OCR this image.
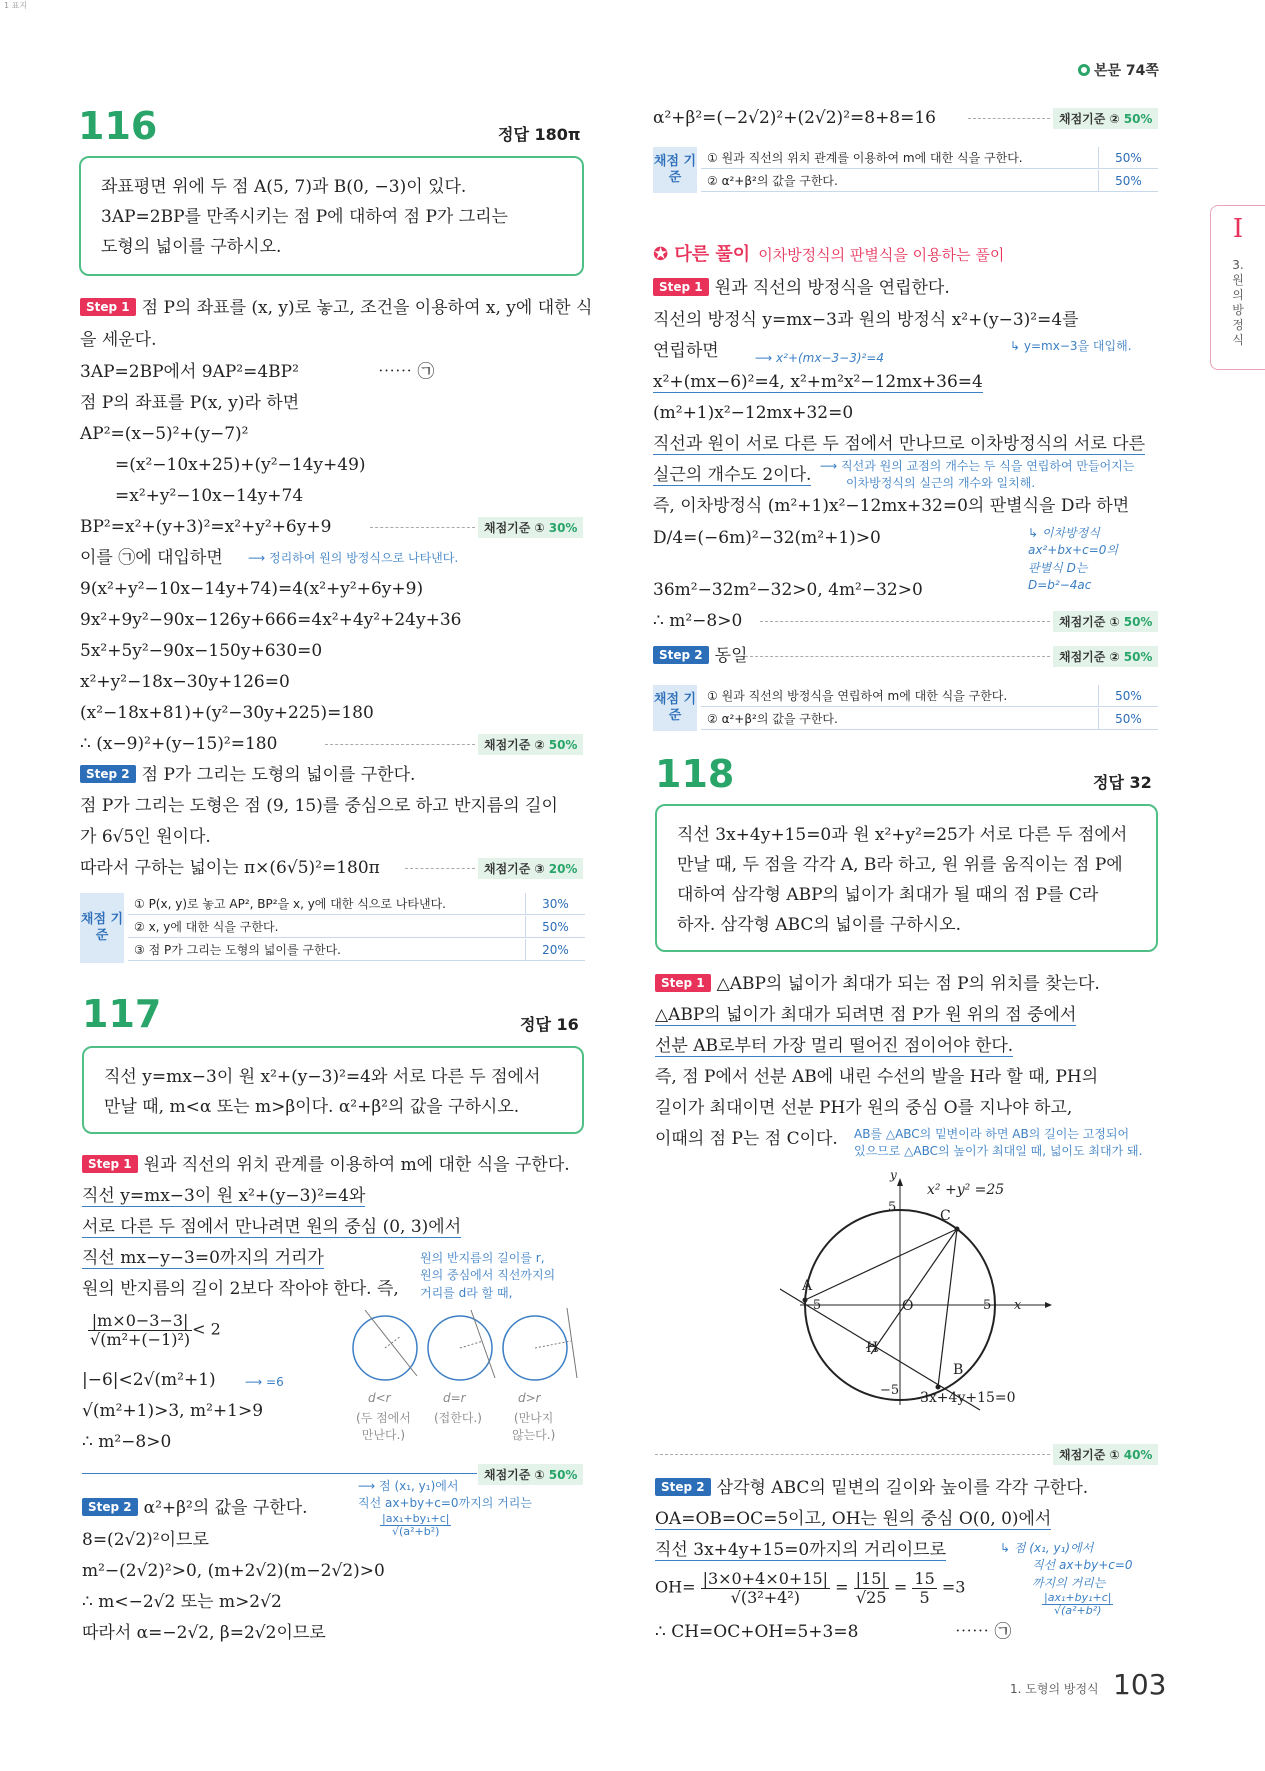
1 표지
본문 74쪽
I
3.
원
의
방
정
식
116	정답 180π
좌표평면 위에 두 점 A(5, 7)과 B(0, −3)이 있다.
3AP=2BP를 만족시키는 점 P에 대하여 점 P가 그리는
도형의 넓이를 구하시오.
Step 1 점 P의 좌표를 (x, y)로 놓고, 조건을 이용하여 x, y에 대한 식
을 세운다.
3AP=2BP에서 9AP²=4BP²	⋯⋯ ㉠
점 P의 좌표를 P(x, y)라 하면
AP²=(x−5)²+(y−7)²
=(x²−10x+25)+(y²−14y+49)
=x²+y²−10x−14y+74
BP²=x²+(y+3)²=x²+y²+6y+9	채점기준 ① 30%
이를 ㉠에 대입하면 ⟶ 정리하여 원의 방정식으로 나타낸다.
9(x²+y²−10x−14y+74)=4(x²+y²+6y+9)
9x²+9y²−90x−126y+666=4x²+4y²+24y+36
5x²+5y²−90x−150y+630=0
x²+y²−18x−30y+126=0
(x²−18x+81)+(y²−30y+225)=180
∴ (x−9)²+(y−15)²=180	채점기준 ② 50%
Step 2 점 P가 그리는 도형의 넓이를 구한다.
점 P가 그리는 도형은 점 (9, 15)를 중심으로 하고 반지름의 길이
가 6√5인 원이다.
따라서 구하는 넓이는 π×(6√5)²=180π	채점기준 ③ 20%
채점 기준
① P(x, y)로 놓고 AP², BP²을 x, y에 대한 식으로 나타낸다.	30%
② x, y에 대한 식을 구한다.	50%
③ 점 P가 그리는 도형의 넓이를 구한다.	20%
117	정답 16
직선 y=mx−3이 원 x²+(y−3)²=4와 서로 다른 두 점에서
만날 때, m<α 또는 m>β이다. α²+β²의 값을 구하시오.
Step 1 원과 직선의 위치 관계를 이용하여 m에 대한 식을 구한다.
직선 y=mx−3이 원 x²+(y−3)²=4와
서로 다른 두 점에서 만나려면 원의 중심 (0, 3)에서
직선 mx−y−3=0까지의 거리가
원의 반지름의 길이 2보다 작아야 한다. 즉,
$\frac{|m\times 0-3-3|}{\text{√(m²+(−1)²)}} < 2$
|−6|<2√(m²+1) ⟶ =6
√(m²+1)>3, m²+1>9
∴ m²−8>0
원의 반지름의 길이를 r,
원의 중심에서 직선까지의
거리를 d라 할 때,
d<r	d=r	d>r
(두 점에서
만난다.)
(접한다.)	(만나지
않는다.)
채점기준 ① 50%
⟶ 점 (x₁, y₁)에서
직선 ax+by+c=0까지의 거리는
$\frac{\text{|ax₁+by₁+c|}}{\text{√(a²+b²)}}$
Step 2 α²+β²의 값을 구한다.
8=(2√2)²이므로
m²−(2√2)²>0, (m+2√2)(m−2√2)>0
∴ m<−2√2 또는 m>2√2
따라서 α=−2√2, β=2√2이므로
α²+β²=(−2√2)²+(2√2)²=8+8=16	채점기준 ② 50%
채점 기준
① 원과 직선의 위치 관계를 이용하여 m에 대한 식을 구한다.	50%
② α²+β²의 값을 구한다.	50%
✪ 다른 풀이 이차방정식의 판별식을 이용하는 풀이
Step 1 원과 직선의 방정식을 연립한다.
직선의 방정식 y=mx−3과 원의 방정식 x²+(y−3)²=4를
↳ y=mx−3을 대입해.
연립하면	⟶ x²+(mx−3−3)²=4
x²+(mx−6)²=4, x²+m²x²−12mx+36=4
(m²+1)x²−12mx+32=0
직선과 원이 서로 다른 두 점에서 만나므로 이차방정식의 서로 다른
실근의 개수도 2이다. ⟶ 직선과 원의 교점의 개수는 두 식을 연립하여 만들어지는
이차방정식의 실근의 개수와 일치해.
즉, 이차방정식 (m²+1)x²−12mx+32=0의 판별식을 D라 하면
D/4=(−6m)²−32(m²+1)>0	↳ 이차방정식
ax²+bx+c=0의
판별식 D는
D=b²−4ac
36m²−32m²−32>0, 4m²−32>0
∴ m²−8>0	채점기준 ① 50%
Step 2 동일	채점기준 ② 50%
채점 기준
① 원과 직선의 방정식을 연립하여 m에 대한 식을 구한다.	50%
② α²+β²의 값을 구한다.	50%
118	정답 32
직선 3x+4y+15=0과 원 x²+y²=25가 서로 다른 두 점에서
만날 때, 두 점을 각각 A, B라 하고, 원 위를 움직이는 점 P에
대하여 삼각형 ABP의 넓이가 최대가 될 때의 점 P를 C라
하자. 삼각형 ABC의 넓이를 구하시오.
Step 1 △ABP의 넓이가 최대가 되는 점 P의 위치를 찾는다.
△ABP의 넓이가 최대가 되려면 점 P가 원 위의 점 중에서
선분 AB로부터 가장 멀리 떨어진 점이어야 한다.
즉, 점 P에서 선분 AB에 내린 수선의 발을 H라 할 때, PH의
길이가 최대이면 선분 PH가 원의 중심 O를 지나야 하고,
이때의 점 P는 점 C이다. AB를 △ABC의 밑변이라 하면 AB의 길이는 고정되어
있으므로 △ABC의 높이가 최대일 때, 넓이도 최대가 돼.
y
x
x² +y² =25
3x+4y+15=0
A
B
C
H
O
5
−5	5
−5
채점기준 ① 40%
Step 2 삼각형 ABC의 밑변의 길이와 높이를 각각 구한다.
OA=OB=OC=5이고, OH는 원의 중심 O(0, 0)에서
직선 3x+4y+15=0까지의 거리이므로
$OH= \frac{|3\times 0+4\times 0+15|}{\text{√(3²+4²)}} = \frac{|15|}{√25} = \frac{15}{5} =3$
∴ CH=OC+OH=5+3=8	⋯⋯ ㉠
↳ 점 (x₁, y₁)에서
직선 ax+by+c=0
까지의 거리는
$\frac{\text{|ax₁+by₁+c|}}{\text{√(a²+b²)}}$
1. 도형의 방정식 103
